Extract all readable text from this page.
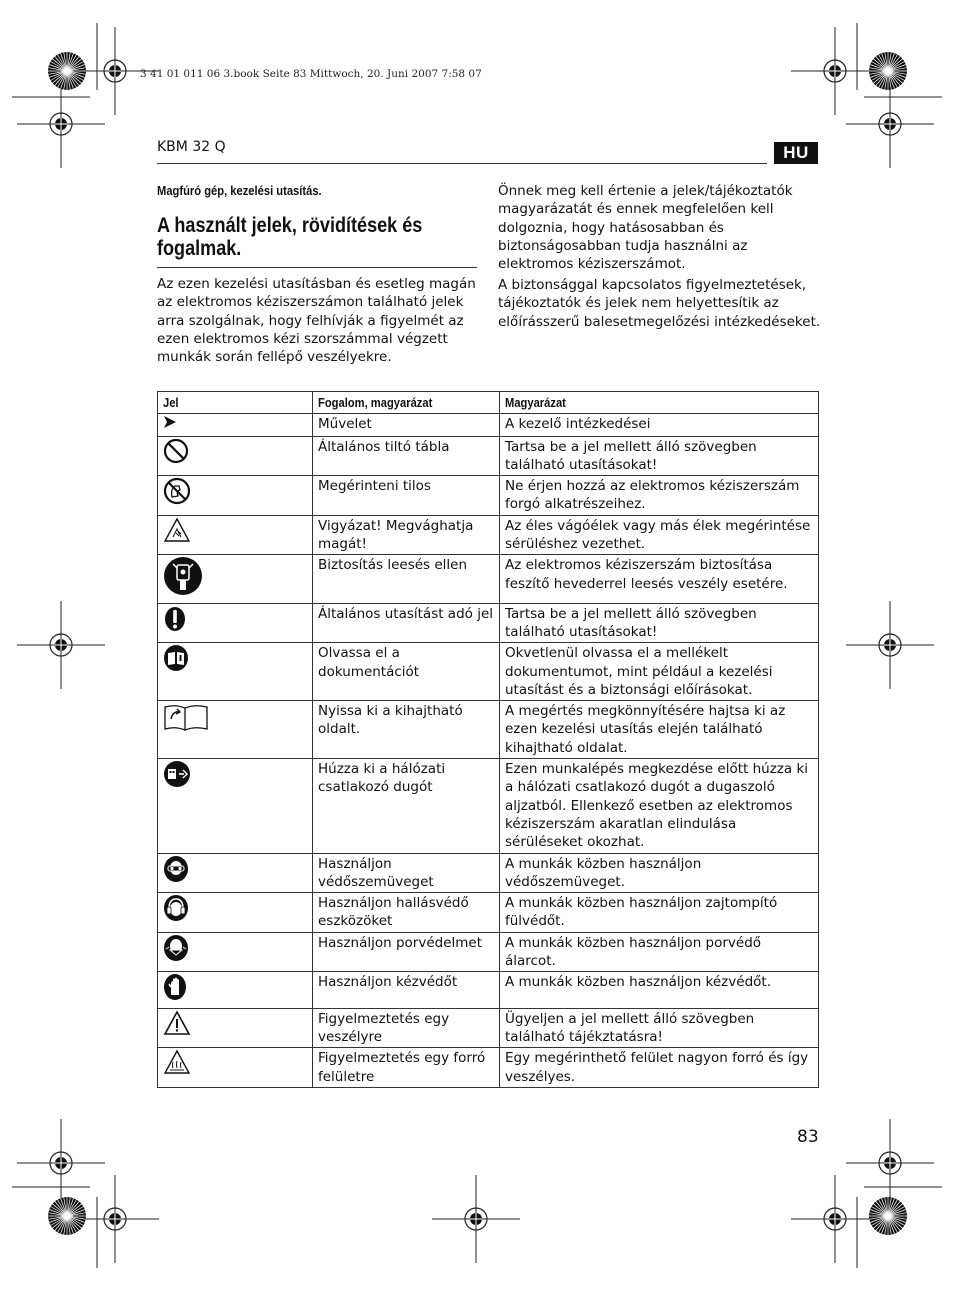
3 41 01 011 06 3.book Seite 83 Mittwoch, 20. Juni 2007 7:58 07
KBM 32 Q	HU
Magfúró gép, kezelési utasítás.
A használt jelek, rövidítések és fogalmak.

Az ezen kezelési utasításban és esetleg magán az elektromos kéziszerszámon található jelek arra szolgálnak, hogy felhívják a figyelmét az ezen elektromos kézi szorszámmal végzett munkák során fellépő veszélyekre.

Önnek meg kell értenie a jelek/tájékoztatók magyarázatát és ennek megfelelően kell dolgoznia, hogy hatásosabban és biztonságosabban tudja használni az elektromos kéziszerszámot.

A biztonsággal kapcsolatos figyelmeztetések, tájékoztatók és jelek nem helyettesítik az előírásszerű balesetmegelőzési intézkedéseket.

Jel	Fogalom, magyarázat	Magyarázat

	Művelet	A kezelő intézkedései

	Általános tiltó tábla	Tartsa be a jel mellett álló szövegben található utasításokat!

	Megérinteni tilos	Ne érjen hozzá az elektromos kéziszerszám forgó alkatrészeihez.

	Vigyázat! Megvághatja magát!	Az éles vágóélek vagy más élek megérintése sérüléshez vezethet.

	Biztosítás leesés ellen	Az elektromos kéziszerszám biztosítása feszítő hevederrel leesés veszély esetére.

	Általános utasítást adó jel	Tartsa be a jel mellett álló szövegben található utasításokat!

	Olvassa el a dokumentációt	Okvetlenül olvassa el a mellékelt dokumentumot, mint például a kezelési utasítást és a biztonsági előírásokat.

	Nyissa ki a kihajtható oldalt.	A megértés megkönnyítésére hajtsa ki az ezen kezelési utasítás elején található kihajtható oldalat.

	Húzza ki a hálózati csatlakozó dugót	Ezen munkalépés megkezdése előtt húzza ki a hálózati csatlakozó dugót a dugaszoló aljzatból. Ellenkező esetben az elektromos kéziszerszám akaratlan elindulása sérüléseket okozhat.

	Használjon védőszemüveget	A munkák közben használjon védőszemüveget.

	Használjon hallásvédő eszközöket	A munkák közben használjon zajtompító fülvédőt.

	Használjon porvédelmet	A munkák közben használjon porvédő álarcot.

	Használjon kézvédőt	A munkák közben használjon kézvédőt.

	Figyelmeztetés egy veszélyre	Ügyeljen a jel mellett álló szövegben található tájékztatásra!

	Figyelmeztetés egy forró felületre	Egy megérinthető felület nagyon forró és így veszélyes.
83
